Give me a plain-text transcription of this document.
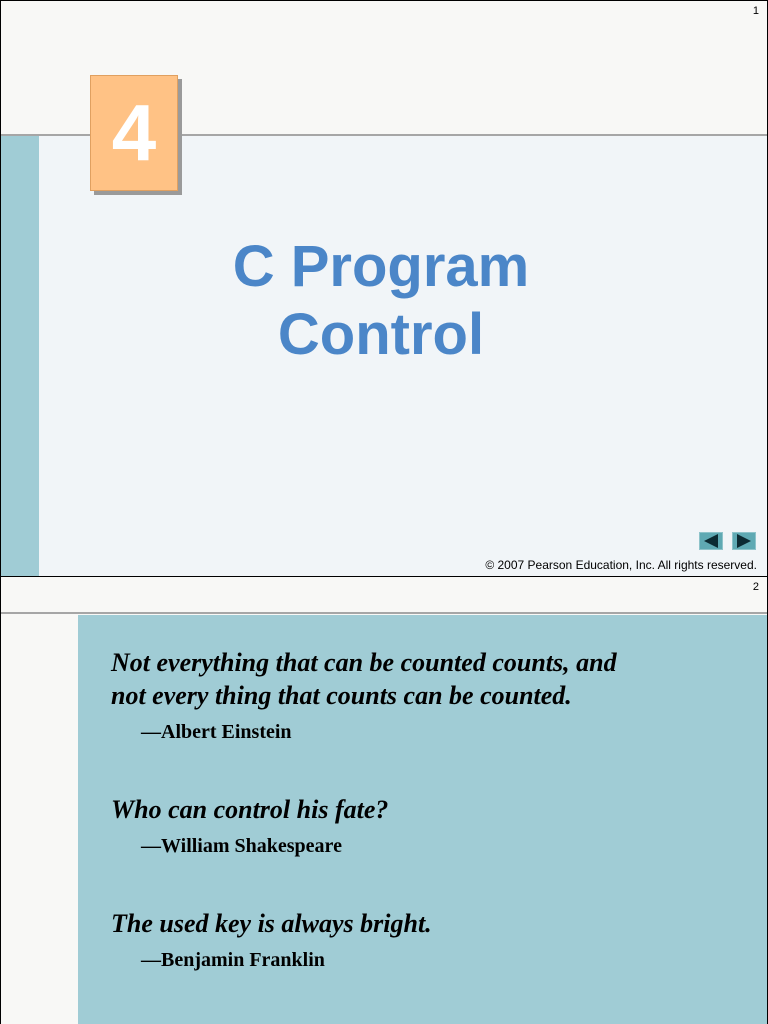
1
4
C Program
Control
© 2007 Pearson Education, Inc. All rights reserved.
2
Not everything that can be counted counts, and
not every thing that counts can be counted.
—Albert Einstein
Who can control his fate?
—William Shakespeare
The used key is always bright.
—Benjamin Franklin
